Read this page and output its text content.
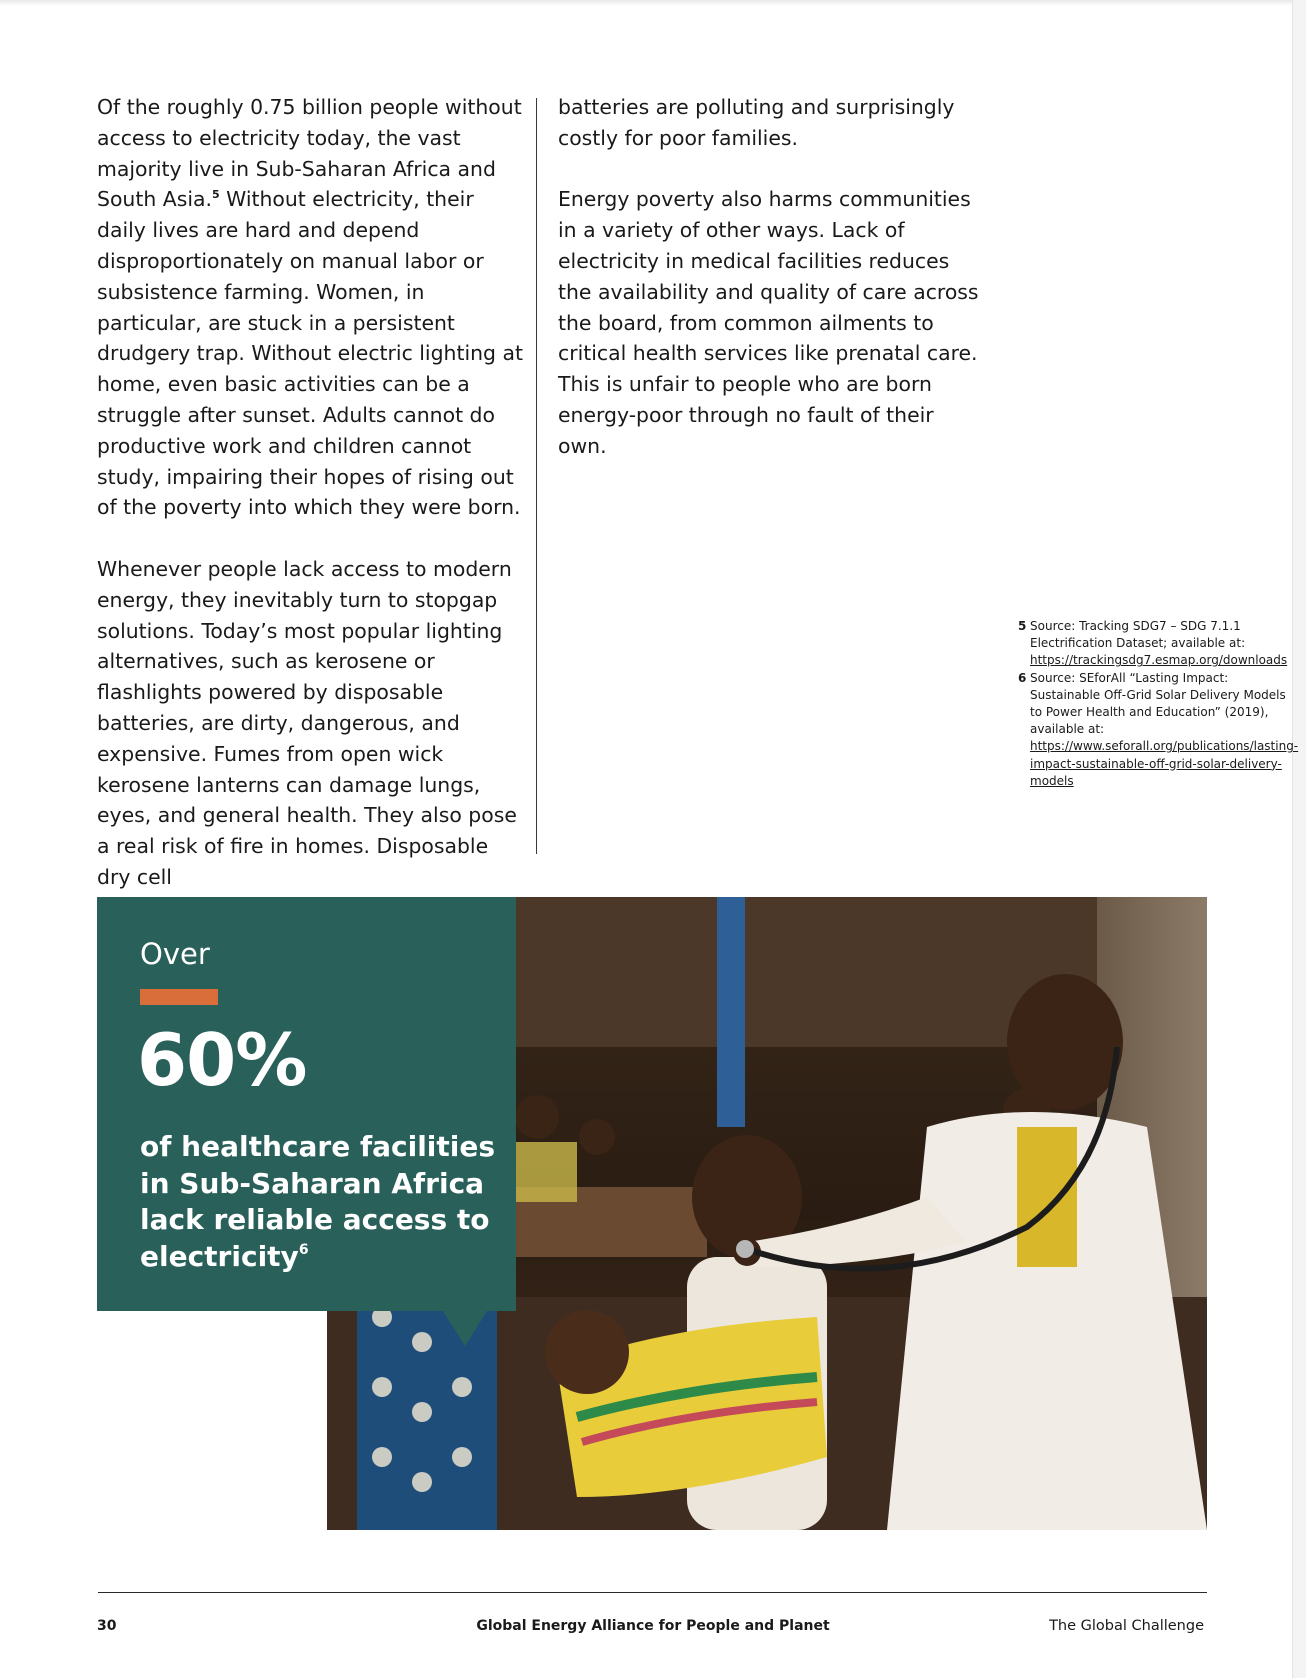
Of the roughly 0.75 billion people without access to electricity today, the vast majority live in Sub-Saharan Africa and South Asia.$^5$ Without electricity, their daily lives are hard and depend disproportionately on manual labor or subsistence farming. Women, in particular, are stuck in a persistent drudgery trap. Without electric lighting at home, even basic activities can be a struggle after sunset. Adults cannot do productive work and children cannot study, impairing their hopes of rising out of the poverty into which they were born.

Whenever people lack access to modern energy, they inevitably turn to stopgap solutions. Today’s most popular lighting alternatives, such as kerosene or flashlights powered by disposable batteries, are dirty, dangerous, and expensive. Fumes from open wick kerosene lanterns can damage lungs, eyes, and general health. They also pose a real risk of fire in homes. Disposable dry cell

batteries are polluting and surprisingly costly for poor families.

Energy poverty also harms communities in a variety of other ways. Lack of electricity in medical facilities reduces the availability and quality of care across the board, from common ailments to critical health services like prenatal care. This is unfair to people who are born energy-poor through no fault of their own.

5 Source: Tracking SDG7 – SDG 7.1.1 Electrification Dataset; available at: https://trackingsdg7.esmap.org/downloads
6 Source: SEforAll “Lasting Impact: Sustainable Off-Grid Solar Delivery Models to Power Health and Education” (2019), available at: https://www.seforall.org/publications/lasting-impact-sustainable-off-grid-solar-delivery-models
Over
60%
of healthcare facilities in Sub-Saharan Africa lack reliable access to electricity$^6$
30	Global Energy Alliance for People and Planet	The Global Challenge
